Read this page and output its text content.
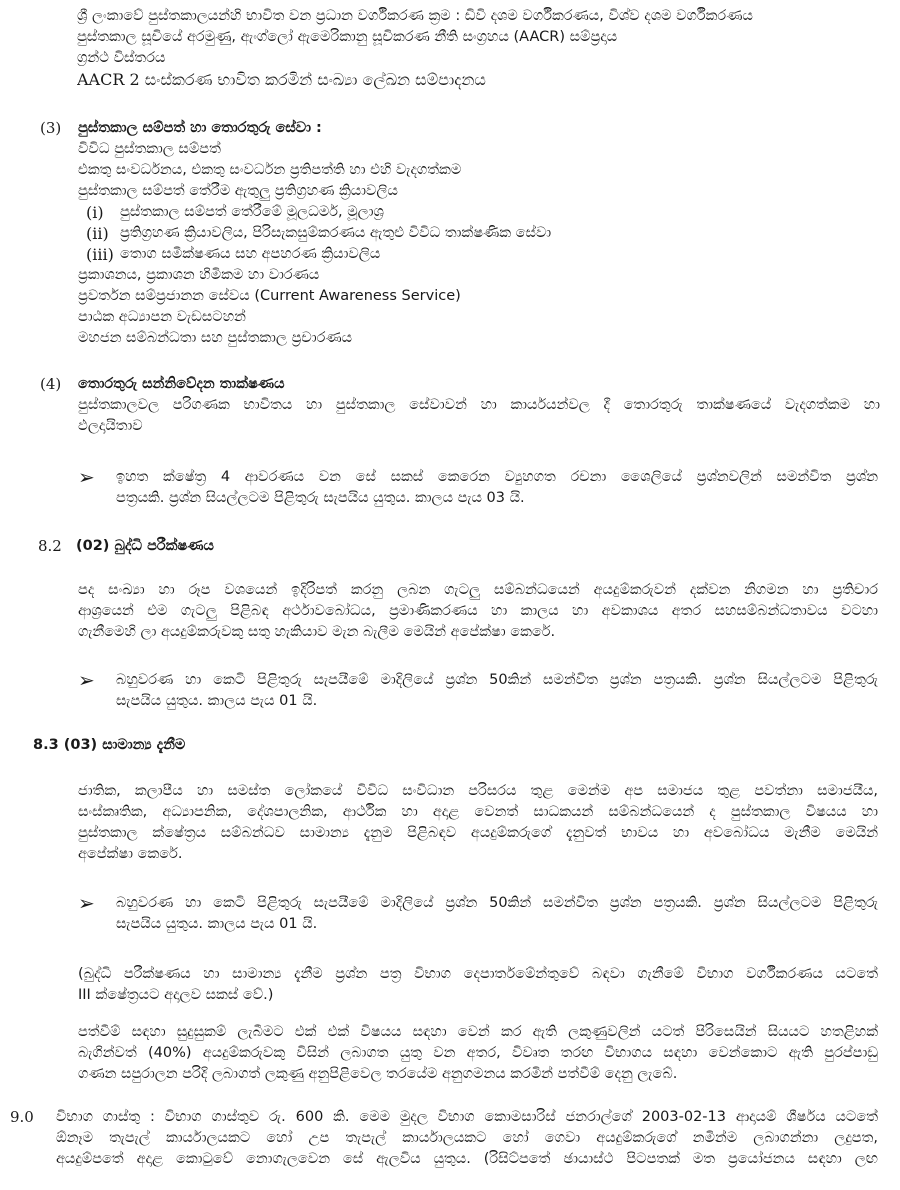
ශ්‍රී ලංකාවේ පුස්තකාලයන්හි භාවිත වන ප්‍රධාන වර්ගීකරණ ක්‍රම : ඩිවි දශම වර්ගීකරණය, විශ්ව දශම වර්ගීකරණය
පුස්තකාල සූචියේ අරමුණු, ඇංග්ලෝ ඇමෙරිකානු සූචිකරණ නීති සංග්‍රහය (AACR) සම්ප්‍රදාය
ග්‍රන්ථ විස්තරය
AACR 2 සංස්කරණ භාවිත කරමින් සංඛ්‍යා ලේඛන සම්පාදනය
(3)	පුස්තකාල සම්පත් හා තොරතුරු සේවා :
විවිධ පුස්තකාල සම්පත්
එකතු සංවර්ධනය, එකතු සංවර්ධන ප්‍රතිපත්ති හා එහි වැදගත්කම
පුස්තකාල සම්පත් තේරීම ඇතුලු ප්‍රතිග්‍රහණ ක්‍රියාවලිය
(i)	පුස්තකාල සම්පත් තේරීමේ මූලධර්ම, මූලාශ්‍ර
(ii) ප්‍රතිග්‍රහණ ක්‍රියාවලිය, පිරිසැකසුම්කරණය ඇතුළු විවිධ තාක්ෂණික සේවා
(iii) තොග සමීක්ෂණය සහ අපහරණ ක්‍රියාවලිය
ප්‍රකාශනය, ප්‍රකාශන හිමිකම හා වාරණය
ප්‍රවර්තන සම්ප්‍රජානන සේවය (Current Awareness Service)
පාඨක අධ්‍යාපන වැඩසටහන්
මහජන සම්බන්ධතා සහ පුස්තකාල ප්‍රචාරණය
(4)	තොරතුරු සන්නිවේදන තාක්ෂණය
පුස්තකාලවල පරිගණක භාවිතය හා පුස්තකාල සේවාවන් හා කාර්යයන්වල දී තොරතුරු තාක්ෂණයේ වැදගත්කම හා
ඵලදායිතාව
➢	ඉහත ක්ෂේත්‍ර 4 ආවරණය වන සේ සකස් කෙරෙන ව්‍යුහගත රචනා ශෛලියේ ප්‍රශ්නවලින් සමන්විත ප්‍රශ්න
පත්‍රයකි. ප්‍රශ්න සියල්ලටම පිළිතුරු සැපයිය යුතුය. කාලය පැය 03 යි.
8.2 (02) බුද්ධි පරීක්ෂණය
පද සංඛ්‍යා හා රූප වශයෙන් ඉදිරිපත් කරනු ලබන ගැටලු සම්බන්ධයෙන් අයදුම්කරුවන් දක්වන නිගමන හා ප්‍රතිචාර
ආශ්‍රයෙන් එම ගැටලු පිළිබඳ අර්ථාවබෝධය, ප්‍රමාණිකරණය හා කාලය හා අවකාශය අතර සහසම්බන්ධතාවය වටහා
ගැනීමෙහි ලා අයදුම්කරුවකු සතු හැකියාව මැන බැලීම මෙයින් අපේක්ෂා කෙරේ.
➢	බහුවරණ හා කෙටි පිළිතුරු සැපයීමේ මාදිලියේ ප්‍රශ්න 50කින් සමන්විත ප්‍රශ්න පත්‍රයකි. ප්‍රශ්න සියල්ලටම පිළිතුරු
සැපයිය යුතුය. කාලය පැය 01 යි.
8.3 (03) සාමාන්‍ය දැනීම
ජාතික, කලාපීය හා සමස්ත ලෝකයේ විවිධ සංවිධාන පරිසරය තුළ මෙන්ම අප සමාජය තුළ පවත්නා සමාජයීය,
සංස්කෘතික, අධ්‍යාපනික, දේශපාලනික, ආර්ථික හා අදාළ වෙනත් සාධකයන් සම්බන්ධයෙන් ද පුස්තකාල විෂයය හා
පුස්තකාල ක්ෂේත්‍රය සම්බන්ධව සාමාන්‍ය දැනුම පිළිබඳව අයදුම්කරුගේ දැනුවත් භාවය හා අවබෝධය මැනීම මෙයින්
අපේක්ෂා කෙරේ.
➢	බහුවරණ හා කෙටි පිළිතුරු සැපයීමේ මාදිලියේ ප්‍රශ්න 50කින් සමන්විත ප්‍රශ්න පත්‍රයකි. ප්‍රශ්න සියල්ලටම පිළිතුරු
සැපයිය යුතුය. කාලය පැය 01 යි.
(බුද්ධි පරීක්ෂණය හා සාමාන්‍ය දැනීම ප්‍රශ්න පත්‍ර විභාග දෙපාර්තමේන්තුවේ බඳවා ගැනීමේ විභාග වර්ගීකරණය යටතේ
III ක්ෂේත්‍රයට අදාලව සකස් වේ.)
පත්වීම් සඳහා සුදුසුකම් ලැබීමට එක් එක් විෂයය සඳහා වෙන් කර ඇති ලකුණුවලින් යටත් පිරිසෙයින් සියයට හතළිහක්
බැගින්වත් (40%) අයදුම්කරුවකු විසින් ලබාගත යුතු වන අතර, විවෘත තරඟ විභාගය සඳහා වෙන්කොට ඇති පුරප්පාඩු
ගණන සපුරාලන පරිදි ලබාගත් ලකුණු අනුපිළිවෙල තරයේම අනුගමනය කරමින් පත්වීම් දෙනු ලැබේ.
9.0	විභාග ගාස්තු : විභාග ගාස්තුව රු. 600 කි. මෙම මුදල විභාග කොමසාරිස් ජනරාල්ගේ 2003-02-13 ආදායම් ශීර්ෂය යටතේ
ඕනෑම තැපැල් කාර්යාලයකට හෝ උප තැපැල් කාර්යාලයකට හෝ ගෙවා අයදුම්කරුගේ නමින්ම ලබාගන්නා ලදුපත,
අයදුම්පතේ අදාළ කොටුවේ නොගැලවෙන සේ ඇලවිය යුතුය. (රිසිට්පතේ ඡායාස්ථ පිටපතක් මත ප්‍රයෝජනය සඳහා ලඟ
